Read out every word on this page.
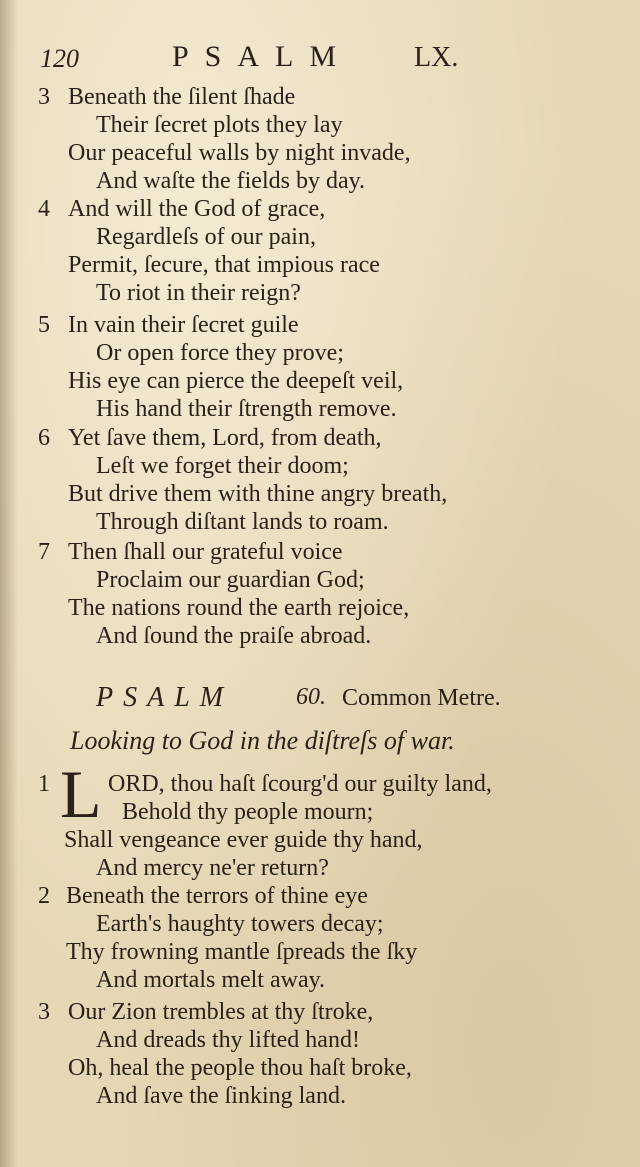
120	PSALM LX.
3 Beneath the ſilent ſhade
Their ſecret plots they lay
Our peaceful walls by night invade,
And waſte the fields by day.
4 And will the God of grace,
Regardleſs of our pain,
Permit, ſecure, that impious race
To riot in their reign?
5 In vain their ſecret guile
Or open force they prove;
His eye can pierce the deepeſt veil,
His hand their ſtrength remove.
6 Yet ſave them, Lord, from death,
Leſt we forget their doom;
But drive them with thine angry breath,
Through diſtant lands to roam.
7 Then ſhall our grateful voice
Proclaim our guardian God;
The nations round the earth rejoice,
And ſound the praiſe abroad.
PSALM	60. Common Metre.
Looking to God in the diſtreſs of war.
L
1	ORD, thou haſt ſcourg'd our guilty land,
Behold thy people mourn;
Shall vengeance ever guide thy hand,
And mercy ne'er return?
2 Beneath the terrors of thine eye
Earth's haughty towers decay;
Thy frowning mantle ſpreads the ſky
And mortals melt away.
3 Our Zion trembles at thy ſtroke,
And dreads thy lifted hand!
Oh, heal the people thou haſt broke,
And ſave the ſinking land.
